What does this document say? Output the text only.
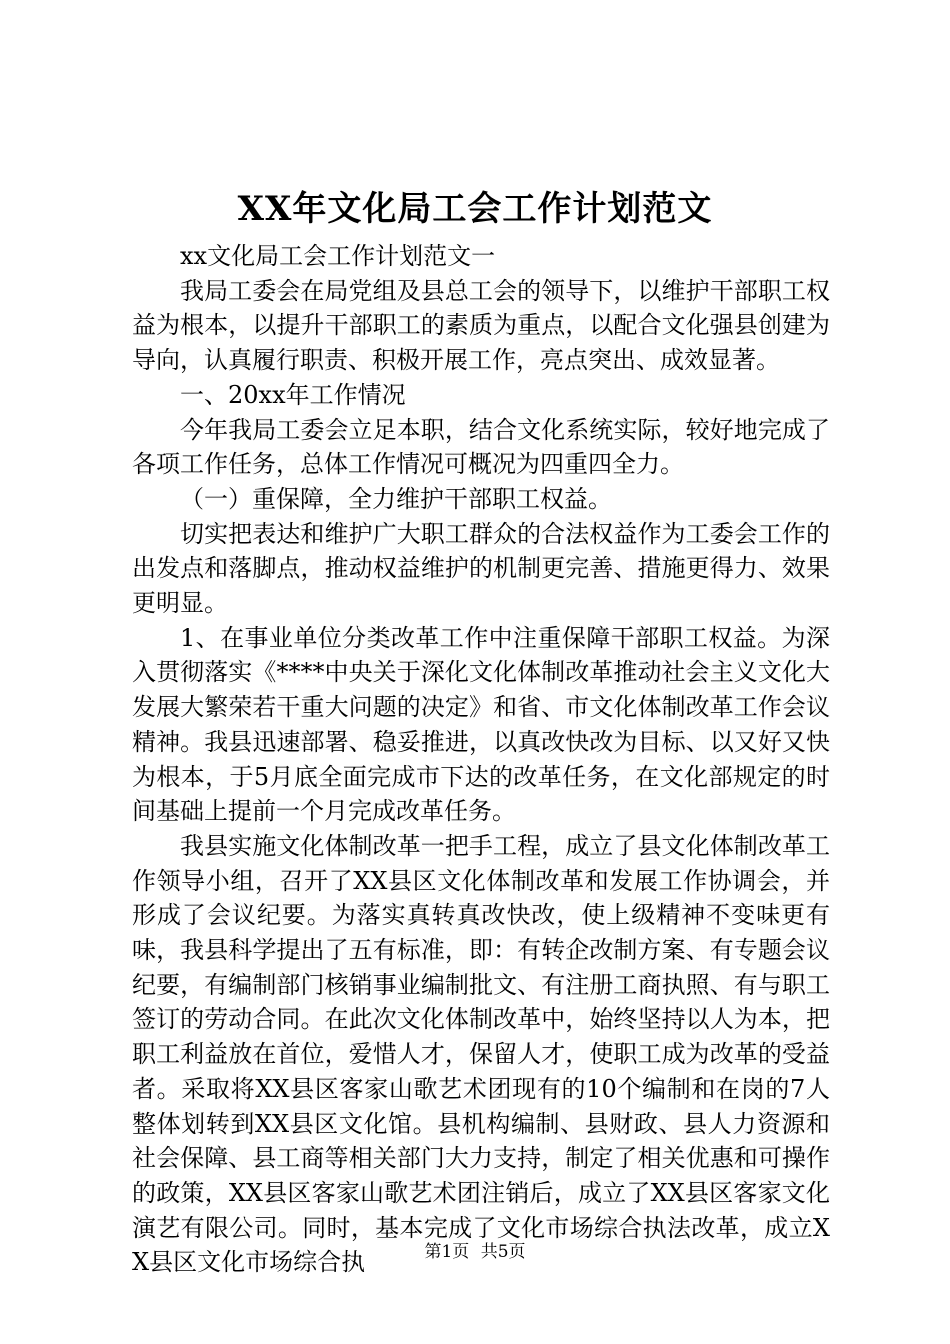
XX年文化局工会工作计划范文

xx文化局工会工作计划范文一

我局工委会在局党组及县总工会的领导下，以维护干部职工权益为根本，以提升干部职工的素质为重点，以配合文化强县创建为导向，认真履行职责、积极开展工作，亮点突出、成效显著。

一、20xx年工作情况

今年我局工委会立足本职，结合文化系统实际，较好地完成了各项工作任务，总体工作情况可概况为四重四全力。

（一）重保障，全力维护干部职工权益。

切实把表达和维护广大职工群众的合法权益作为工委会工作的出发点和落脚点，推动权益维护的机制更完善、措施更得力、效果更明显。

1、在事业单位分类改革工作中注重保障干部职工权益。为深入贯彻落实《****中央关于深化文化体制改革推动社会主义文化大发展大繁荣若干重大问题的决定》和省、市文化体制改革工作会议精神。我县迅速部署、稳妥推进，以真改快改为目标、以又好又快为根本，于5月底全面完成市下达的改革任务，在文化部规定的时间基础上提前一个月完成改革任务。

我县实施文化体制改革一把手工程，成立了县文化体制改革工作领导小组，召开了XX县区文化体制改革和发展工作协调会，并形成了会议纪要。为落实真转真改快改，使上级精神不变味更有味，我县科学提出了五有标准，即：有转企改制方案、有专题会议纪要，有编制部门核销事业编制批文、有注册工商执照、有与职工签订的劳动合同。在此次文化体制改革中，始终坚持以人为本，把职工利益放在首位，爱惜人才，保留人才，使职工成为改革的受益者。采取将XX县区客家山歌艺术团现有的10个编制和在岗的7人整体划转到XX县区文化馆。县机构编制、县财政、县人力资源和社会保障、县工商等相关部门大力支持，制定了相关优惠和可操作的政策，XX县区客家山歌艺术团注销后，成立了XX县区客家文化演艺有限公司。同时，基本完成了文化市场综合执法改革，成立XX县区文化市场综合执	第1页 共5页
